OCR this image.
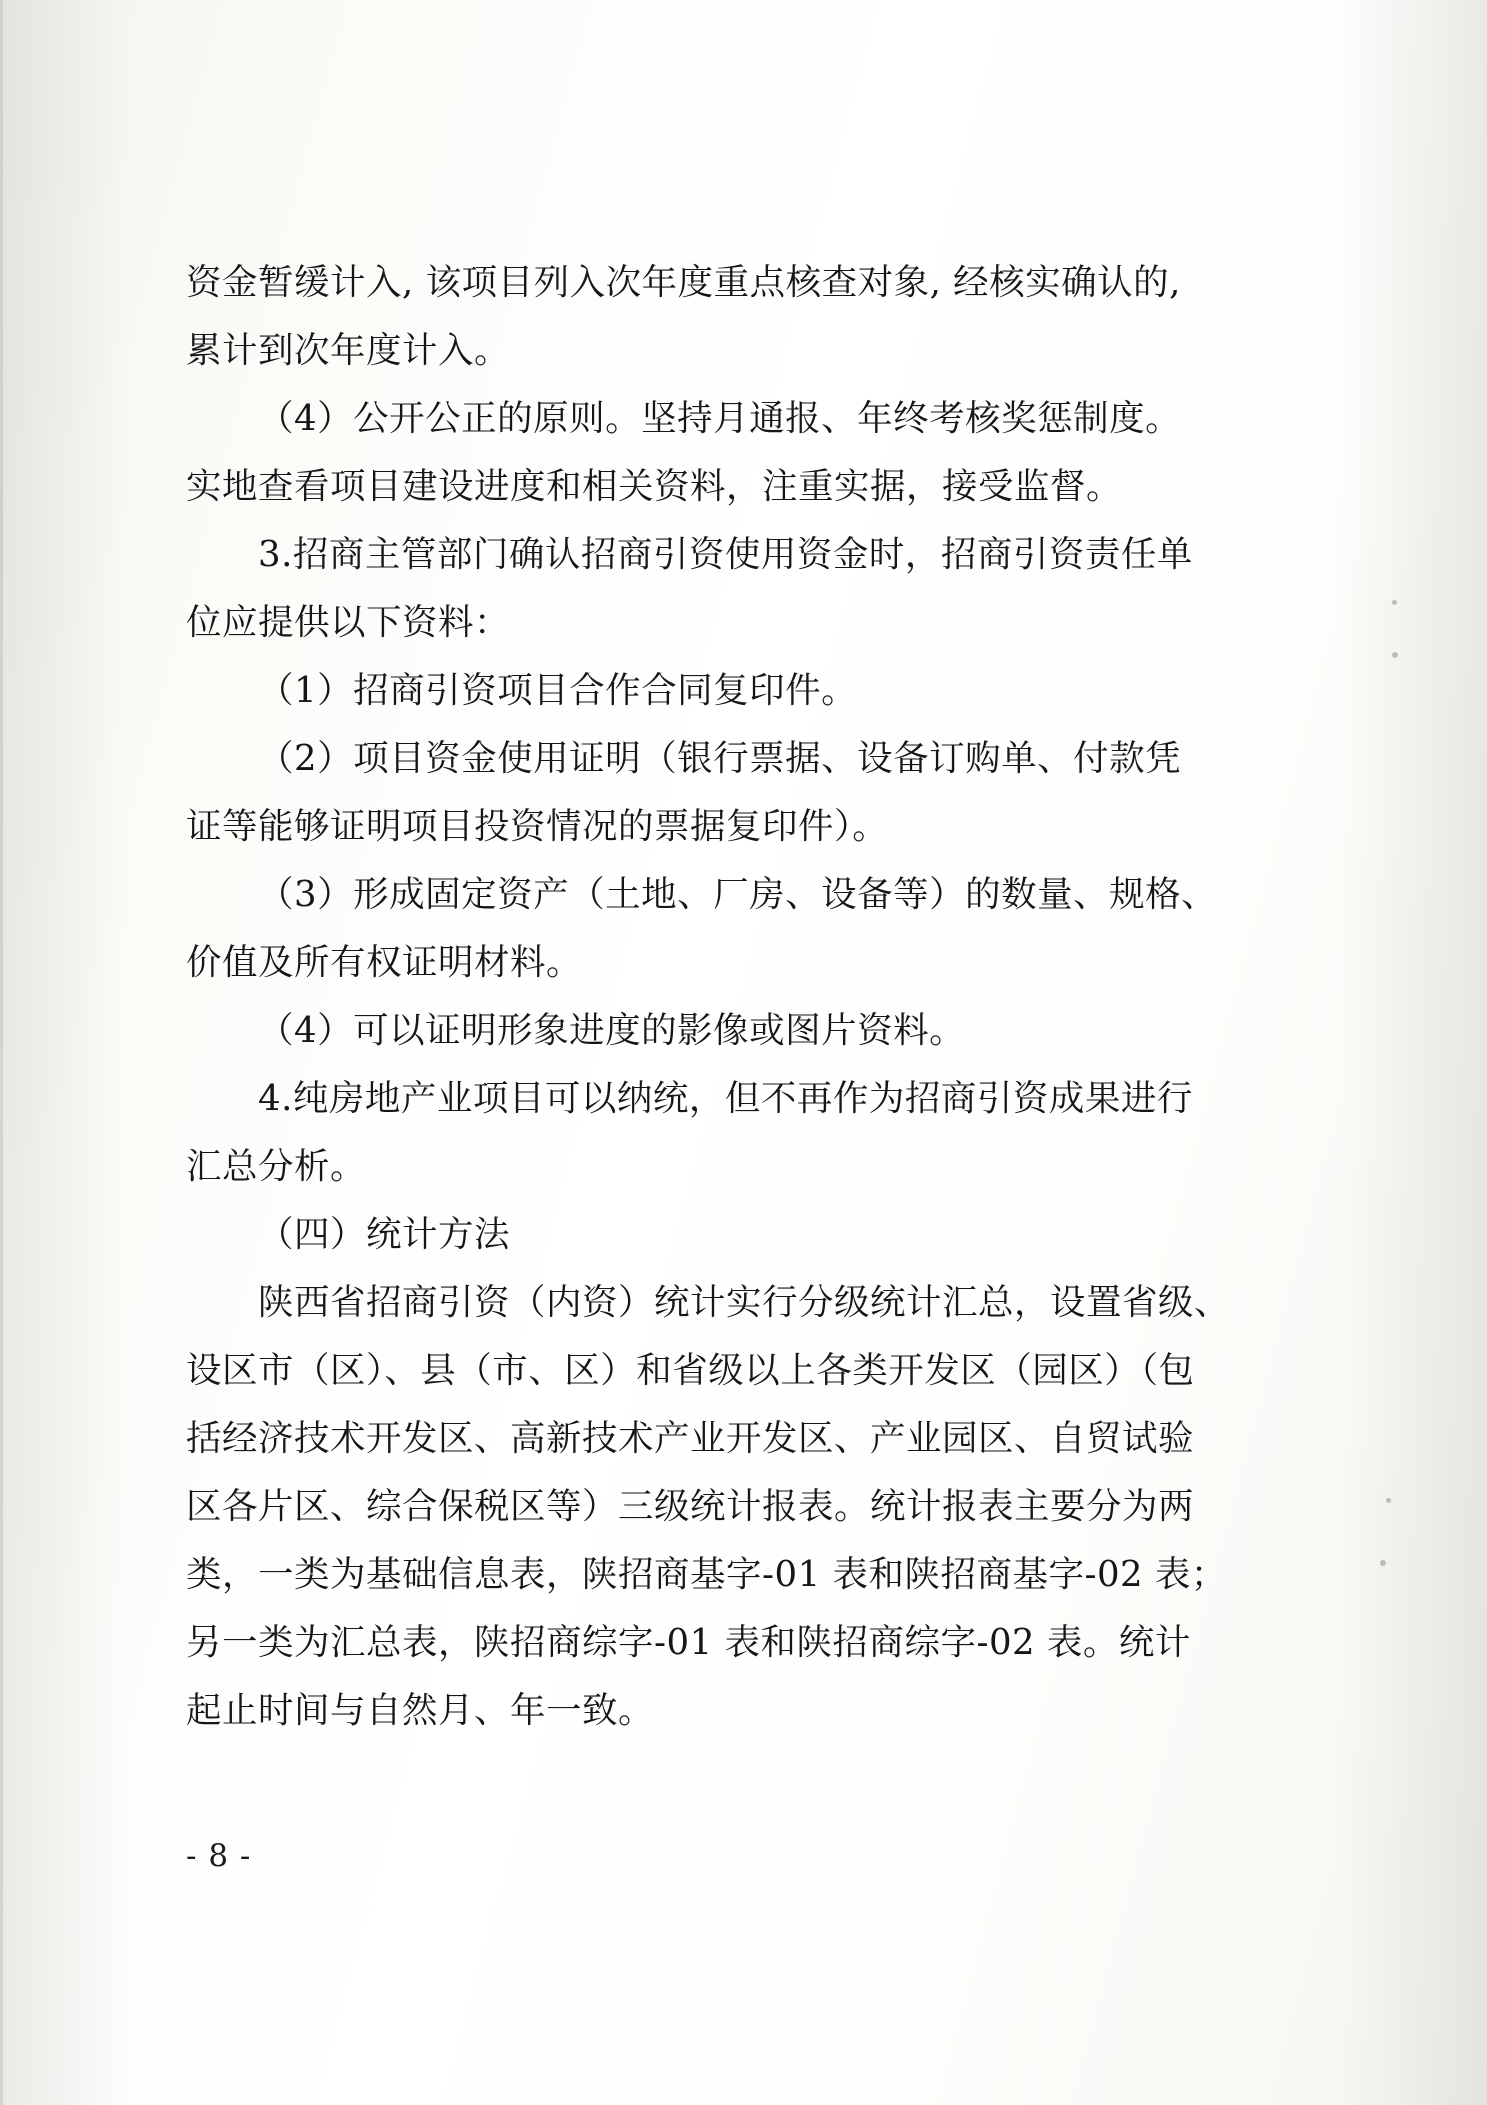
资金暂缓计入, 该项目列入次年度重点核查对象, 经核实确认的,

累计到次年度计入。

（4）公开公正的原则。坚持月通报、年终考核奖惩制度。

实地查看项目建设进度和相关资料，注重实据，接受监督。

3.招商主管部门确认招商引资使用资金时，招商引资责任单

位应提供以下资料：

（1）招商引资项目合作合同复印件。

（2）项目资金使用证明（银行票据、设备订购单、付款凭

证等能够证明项目投资情况的票据复印件）。

（3）形成固定资产（土地、厂房、设备等）的数量、规格、

价值及所有权证明材料。

（4）可以证明形象进度的影像或图片资料。

4.纯房地产业项目可以纳统，但不再作为招商引资成果进行

汇总分析。

（四）统计方法

陕西省招商引资（内资）统计实行分级统计汇总，设置省级、

设区市（区）、县（市、区）和省级以上各类开发区（园区）（包

括经济技术开发区、高新技术产业开发区、产业园区、自贸试验

区各片区、综合保税区等）三级统计报表。统计报表主要分为两

类，一类为基础信息表，陕招商基字-01 表和陕招商基字-02 表；

另一类为汇总表，陕招商综字-01 表和陕招商综字-02 表。统计

起止时间与自然月、年一致。

- 8 -
